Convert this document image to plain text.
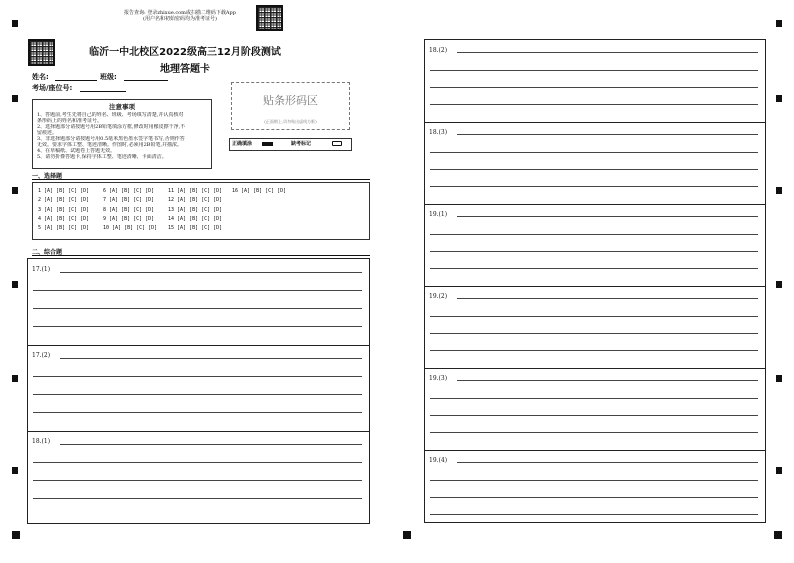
报告查询: 登录zhixue.com或扫描二维码下载App
(用户名和初始密码均为准考证号)
临沂一中北校区2022级高三12月阶段测试
地理答题卡
姓名:	班级:
考场/座位号:
注意事项
1、答题前,考生先将自己的姓名、班级、考场填写清楚,并认真核对
条形码上的姓名和准考证号。
2、选择题部分请按题号用2B铅笔填涂方框,修改时用橡皮擦干净,不
留痕迹。
3、非选择题部分请按题号用0.5毫米黑色墨水签字笔书写,否则作答
无效。要求字体工整、笔迹清晰。作图时,必须用2B铅笔,并描浓。
4、在草稿纸、试题卷上答题无效。
5、请勿折叠答题卡,保持字体工整、笔迹清晰、卡面清洁。
贴条形码区
(正面朝上,切勿贴出虚线方框)
正确填涂	缺考标记
一、选择题
1 [A] [B] [C] [D]	6 [A] [B] [C] [D]	11 [A] [B] [C] [D] 16 [A] [B] [C] [D]
2 [A] [B] [C] [D]	7 [A] [B] [C] [D]	12 [A] [B] [C] [D]
3 [A] [B] [C] [D]	8 [A] [B] [C] [D]	13 [A] [B] [C] [D]
4 [A] [B] [C] [D]	9 [A] [B] [C] [D]	14 [A] [B] [C] [D]
5 [A] [B] [C] [D]	10 [A] [B] [C] [D] 15 [A] [B] [C] [D]
二、综合题
17.(1)
17.(2)
18.(1)
18.(2)
18.(3)
19.(1)
19.(2)
19.(3)
19.(4)
